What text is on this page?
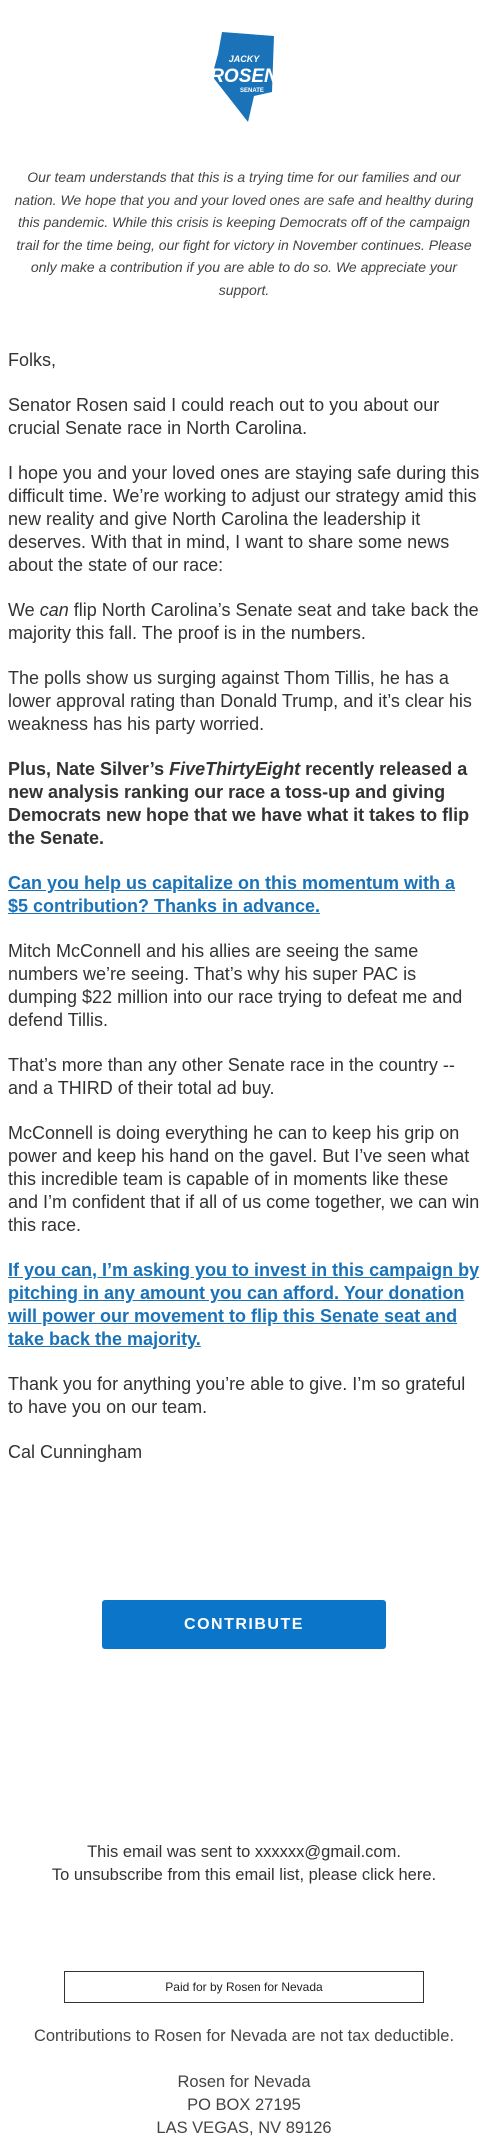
JACKY
ROSEN
SENATE

Our team understands that this is a trying time for our families and our nation. We hope that you and your loved ones are safe and healthy during this pandemic. While this crisis is keeping Democrats off of the campaign trail for the time being, our fight for victory in November continues. Please only make a contribution if you are able to do so. We appreciate your support.

Folks,

Senator Rosen said I could reach out to you about our crucial Senate race in North Carolina.

I hope you and your loved ones are staying safe during this difficult time. We’re working to adjust our strategy amid this new reality and give North Carolina the leadership it deserves. With that in mind, I want to share some news about the state of our race:

We can flip North Carolina’s Senate seat and take back the majority this fall. The proof is in the numbers.

The polls show us surging against Thom Tillis, he has a lower approval rating than Donald Trump, and it’s clear his weakness has his party worried.

Plus, Nate Silver’s FiveThirtyEight recently released a new analysis ranking our race a toss-up and giving Democrats new hope that we have what it takes to flip the Senate.

Can you help us capitalize on this momentum with a $5 contribution? Thanks in advance.

Mitch McConnell and his allies are seeing the same numbers we’re seeing. That’s why his super PAC is dumping $22 million into our race trying to defeat me and defend Tillis.

That’s more than any other Senate race in the country -- and a THIRD of their total ad buy.

McConnell is doing everything he can to keep his grip on power and keep his hand on the gavel. But I’ve seen what this incredible team is capable of in moments like these and I’m confident that if all of us come together, we can win this race.

If you can, I’m asking you to invest in this campaign by pitching in any amount you can afford. Your donation will power our movement to flip this Senate seat and take back the majority.

Thank you for anything you’re able to give. I’m so grateful to have you on our team.

Cal Cunningham

CONTRIBUTE
This email was sent to xxxxxx@gmail.com.
To unsubscribe from this email list, please click here.
Paid for by Rosen for Nevada
Contributions to Rosen for Nevada are not tax deductible.
Rosen for Nevada
PO BOX 27195
LAS VEGAS, NV 89126
